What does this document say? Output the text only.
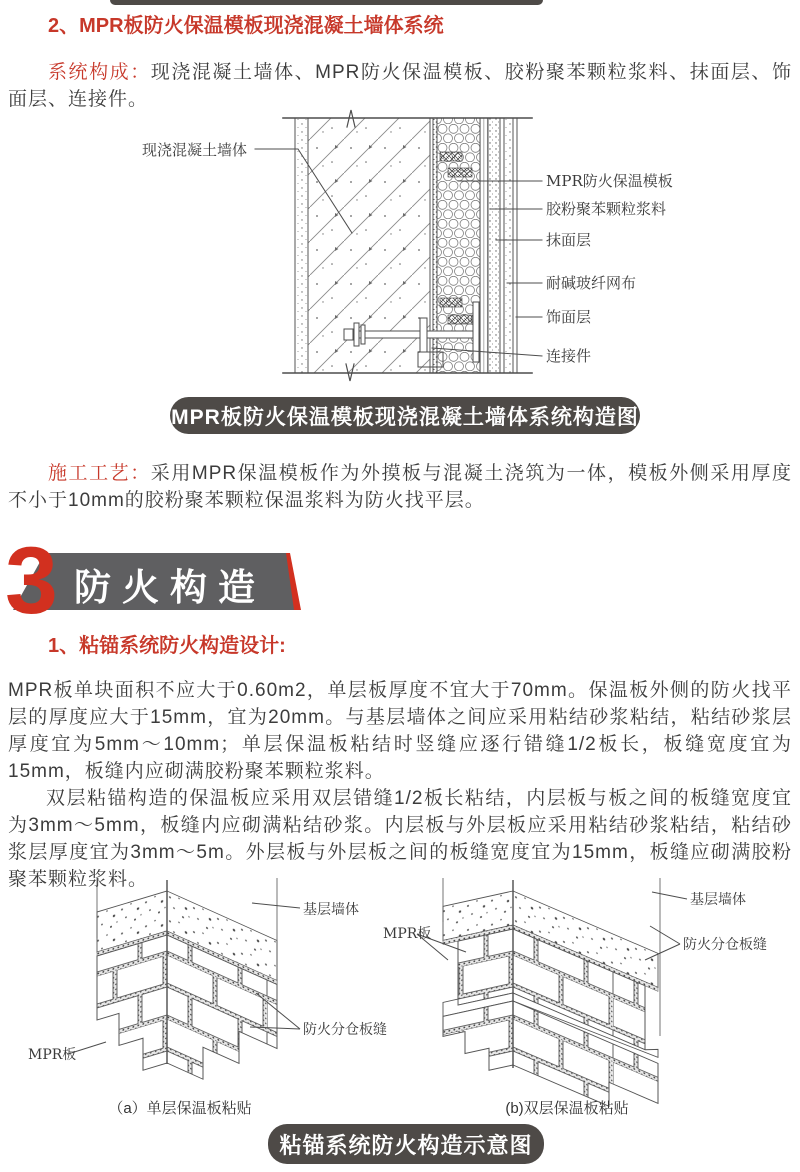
2、MPR板防火保温模板现浇混凝土墙体系统

系统构成：现浇混凝土墙体、MPR防火保温模板、胶粉聚苯颗粒浆料、抹面层、饰面层、连接件。

现浇混凝土墙体
MPR防火保温模板
胶粉聚苯颗粒浆料
抹面层
耐碱玻纤网布
饰面层
连接件
MPR板防火保温模板现浇混凝土墙体系统构造图

施工工艺：采用MPR保温模板作为外摸板与混凝土浇筑为一体，模板外侧采用厚度不小于10mm的胶粉聚苯颗粒保温浆料为防火找平层。

3 防火构造
1、粘锚系统防火构造设计:

MPR板单块面积不应大于0.60m2，单层板厚度不宜大于70mm。保温板外侧的防火找平层的厚度应大于15mm，宜为20mm。与基层墙体之间应采用粘结砂浆粘结，粘结砂浆层厚度宜为5mm～10mm；单层保温板粘结时竖缝应逐行错缝1/2板长，板缝宽度宜为15mm，板缝内应砌满胶粉聚苯颗粒浆料。

双层粘锚构造的保温板应采用双层错缝1/2板长粘结，内层板与板之间的板缝宽度宜为3mm～5mm，板缝内应砌满粘结砂浆。内层板与外层板应采用粘结砂浆粘结，粘结砂浆层厚度宜为3mm～5m。外层板与外层板之间的板缝宽度宜为15mm，板缝应砌满胶粉聚苯颗粒浆料。

基层墙体
防火分仓板缝
MPR板
（a）单层保温板粘贴
基层墙体
防火分仓板缝
MPR板
(b)双层保温板粘贴
粘锚系统防火构造示意图
